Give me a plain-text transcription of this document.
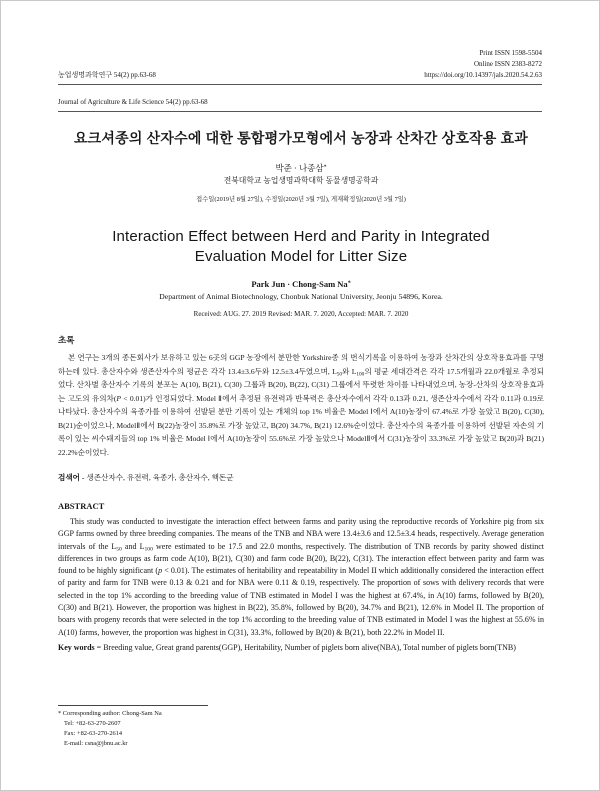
Print ISSN 1598-5504
Online ISSN 2383-8272
농업생명과학연구 54(2) pp.63-68	https://doi.org/10.14397/jals.2020.54.2.63
Journal of Agriculture & Life Science 54(2) pp.63-68
요크셔종의 산자수에 대한 통합평가모형에서 농장과 산차간 상호작용 효과
박준 · 나종삼*
전북대학교 농업생명과학대학 동물생명공학과
접수일(2019년 8월 27일), 수정일(2020년 3월 7일), 게재확정일(2020년 3월 7일)
Interaction Effect between Herd and Parity in Integrated
Evaluation Model for Litter Size
Park Jun · Chong-Sam Na*
Department of Animal Biotechnology, Chonbuk National University, Jeonju 54896, Korea.
Received: AUG. 27. 2019 Revised: MAR. 7. 2020, Accepted: MAR. 7. 2020
초록
본 연구는 3개의 종돈회사가 보유하고 있는 6곳의 GGP 농장에서 분만한 Yorkshire종 의 번식기록을 이용하여 농장과 산차간의 상호작용효과를 구명하는데 있다. 총산자수와 생존산자수의 평균은 각각 13.4±3.6두와 12.5±3.4두였으며, $L_{50}$와 $L_{100}$의 평균 세대간격은 각각 17.5개월과 22.0개월로 추정되었다. 산차별 총산자수 기록의 분포는 A(10), B(21), C(30) 그룹과 B(20), B(22), C(31) 그룹에서 뚜렷한 차이를 나타내었으며, 농장-산차의 상호작용효과는 고도의 유의차(P < 0.01)가 인정되었다. Model Ⅱ에서 추정된 유전력과 반복력은 총산자수에서 각각 0.13과 0.21, 생존산자수에서 각각 0.11과 0.19로 나타났다. 총산자수의 육종가를 이용하여 선발된 분만 기록이 있는 개체의 top 1% 비율은 Model Ⅰ에서 A(10)농장이 67.4%로 가장 높았고 B(20), C(30), B(21)순이었으나, ModelⅡ에서 B(22)농장이 35.8%로 가장 높았고, B(20) 34.7%, B(21) 12.6%순이었다. 총산자수의 육종가를 이용하여 선발된 자손의 기록이 있는 씨수돼지들의 top 1% 비율은 Model Ⅰ에서 A(10)농장이 55.6%로 가장 높았으나 ModelⅡ에서 C(31)농장이 33.3%로 가장 높았고 B(20)과 B(21) 22.2%순이었다.
검색어 - 생존산자수, 유전력, 육종가, 총산자수, 핵돈군
ABSTRACT
This study was conducted to investigate the interaction effect between farms and parity using the reproductive records of Yorkshire pig from six GGP farms owned by three breeding companies. The means of the TNB and NBA were 13.4±3.6 and 12.5±3.4 heads, respectively. Average generation intervals of the $L_{50}$ and $L_{100}$ were estimated to be 17.5 and 22.0 months, respectively. The distribution of TNB records by parity showed distinct differences in two groups as farm code A(10), B(21), C(30) and farm code B(20), B(22), C(31). The interaction effect between parity and farm was found to be highly significant (p < 0.01). The estimates of heritability and repeatability in Model II which additionally considered the interaction effect of parity and farm for TNB were 0.13 & 0.21 and for NBA were 0.11 & 0.19, respectively. The proportion of sows with delivery records that were selected in the top 1% according to the breeding value of TNB estimated in Model I was the highest at 67.4%, in A(10) farms, followed by B(20), C(30) and B(21). However, the proportion was highest in B(22), 35.8%, followed by B(20), 34.7% and B(21), 12.6% in Model II. The proportion of boars with progeny records that were selected in the top 1% according to the breeding value of TNB estimated in Model I was the highest at 55.6% in A(10) farms, however, the proportion was highest in C(31), 33.3%, followed by B(20) & B(21), both 22.2% in Model II.
Key words = Breeding value, Great grand parents(GGP), Heritability, Number of piglets born alive(NBA), Total number of piglets born(TNB)
* Corresponding author: Chong-Sam Na
Tel: +82-63-270-2607
Fax: +82-63-270-2614
E-mail: csna@jbnu.ac.kr
